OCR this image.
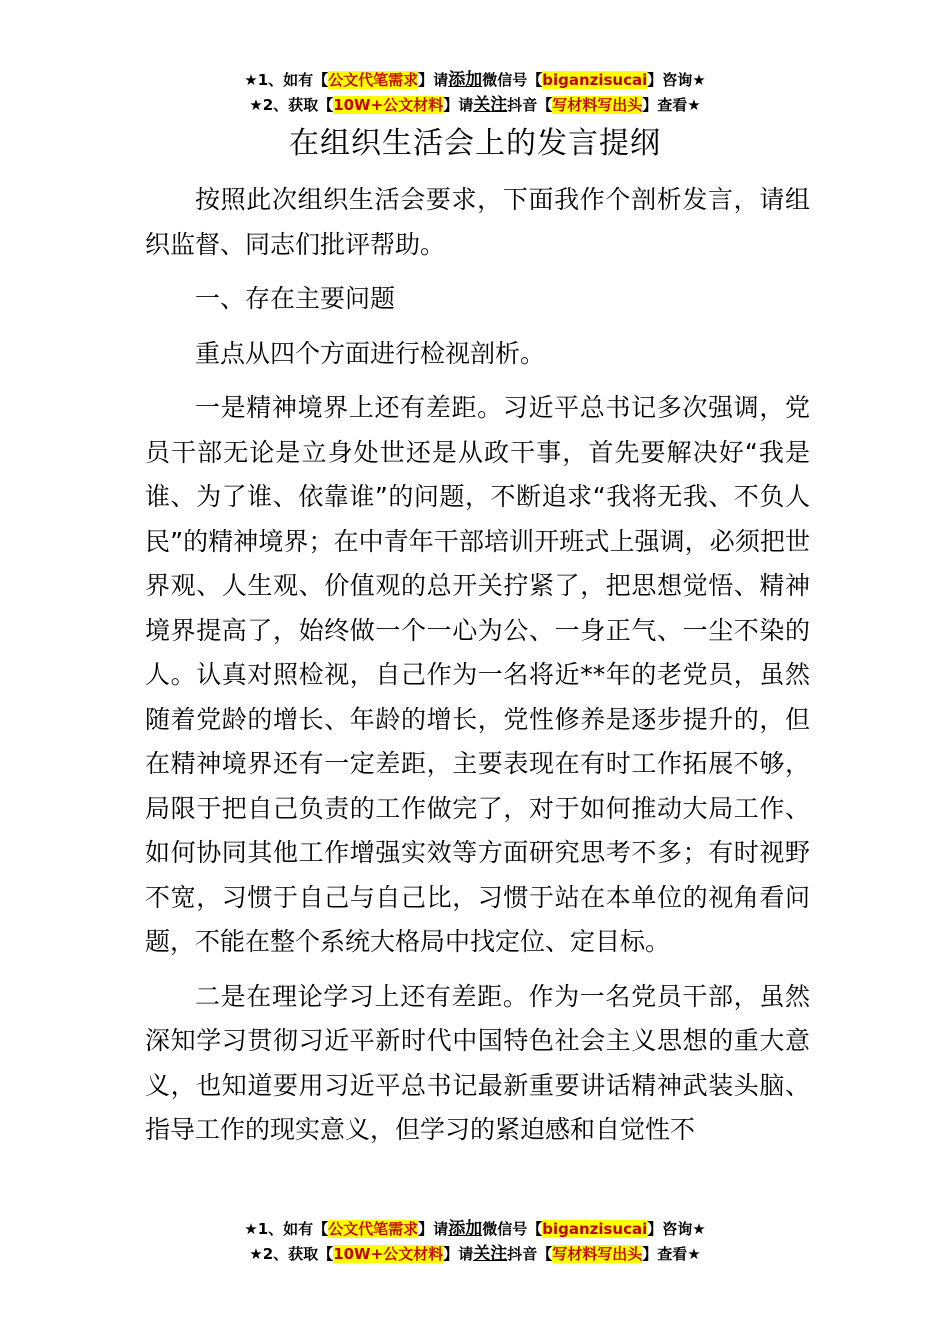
★1、如有【公文代笔需求】请添加微信号【biganzisucai】咨询★
★2、获取【10W+公文材料】请关注抖音【写材料写出头】查看★
在组织生活会上的发言提纲

按照此次组织生活会要求，下面我作个剖析发言，请组织监督、同志们批评帮助。

一、存在主要问题

重点从四个方面进行检视剖析。

一是精神境界上还有差距。习近平总书记多次强调，党员干部无论是立身处世还是从政干事，首先要解决好“我是谁、为了谁、依靠谁”的问题，不断追求“我将无我、不负人民”的精神境界；在中青年干部培训开班式上强调，必须把世界观、人生观、价值观的总开关拧紧了，把思想觉悟、精神境界提高了，始终做一个一心为公、一身正气、一尘不染的人。认真对照检视，自己作为一名将近**年的老党员，虽然随着党龄的增长、年龄的增长，党性修养是逐步提升的，但在精神境界还有一定差距，主要表现在有时工作拓展不够，局限于把自己负责的工作做完了，对于如何推动大局工作、如何协同其他工作增强实效等方面研究思考不多；有时视野不宽，习惯于自己与自己比，习惯于站在本单位的视角看问题，不能在整个系统大格局中找定位、定目标。

二是在理论学习上还有差距。作为一名党员干部，虽然深知学习贯彻习近平新时代中国特色社会主义思想的重大意义，也知道要用习近平总书记最新重要讲话精神武装头脑、指导工作的现实意义，但学习的紧迫感和自觉性不

★1、如有【公文代笔需求】请添加微信号【biganzisucai】咨询★
★2、获取【10W+公文材料】请关注抖音【写材料写出头】查看★
